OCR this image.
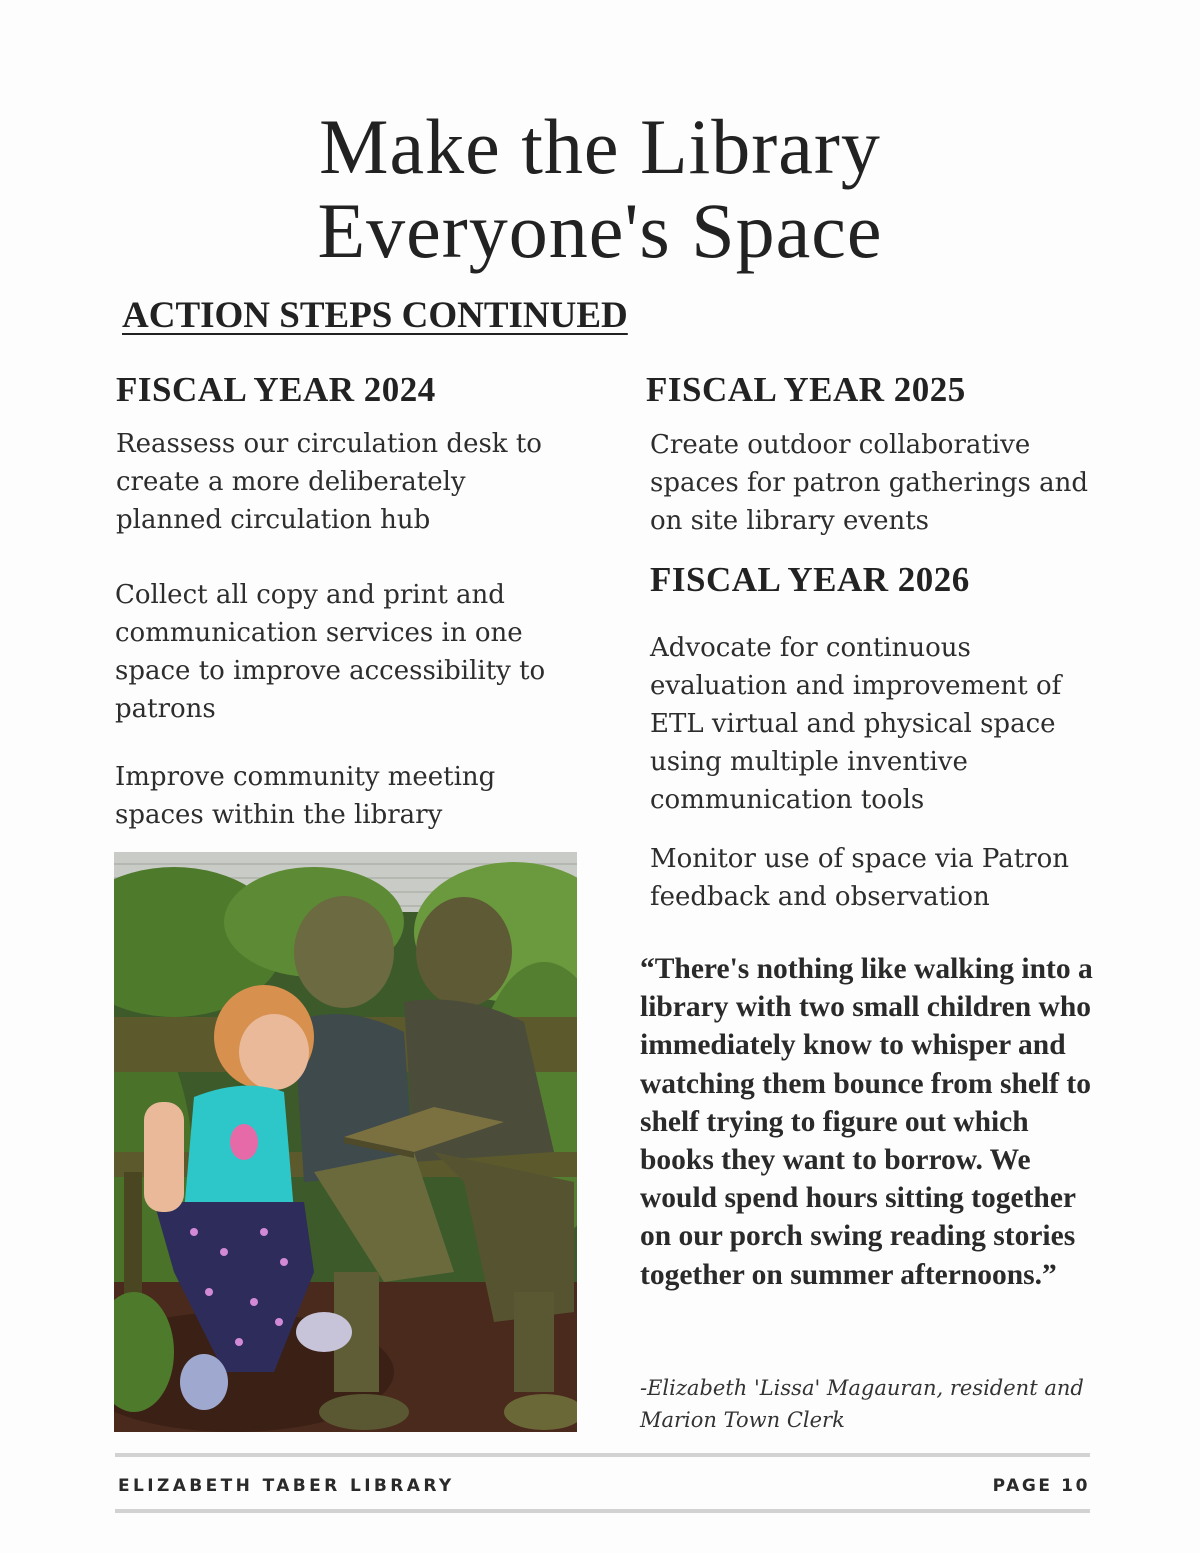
Make the Library
Everyone's Space
ACTION STEPS CONTINUED
FISCAL YEAR 2024
Reassess our circulation desk to create a more deliberately planned circulation hub
Collect all copy and print and communication services in one space to improve accessibility to patrons
Improve community meeting spaces within the library
FISCAL YEAR 2025
Create outdoor collaborative spaces for patron gatherings and on site library events
FISCAL YEAR 2026
Advocate for continuous evaluation and improvement of ETL virtual and physical space using multiple inventive communication tools
Monitor use of space via Patron feedback and observation
“There's nothing like walking into a library with two small children who immediately know to whisper and watching them bounce from shelf to shelf trying to figure out which books they want to borrow. We would spend hours sitting together on our porch swing reading stories together on summer afternoons.”
-Elizabeth 'Lissa' Magauran, resident and Marion Town Clerk
ELIZABETH TABER LIBRARY	PAGE 10
